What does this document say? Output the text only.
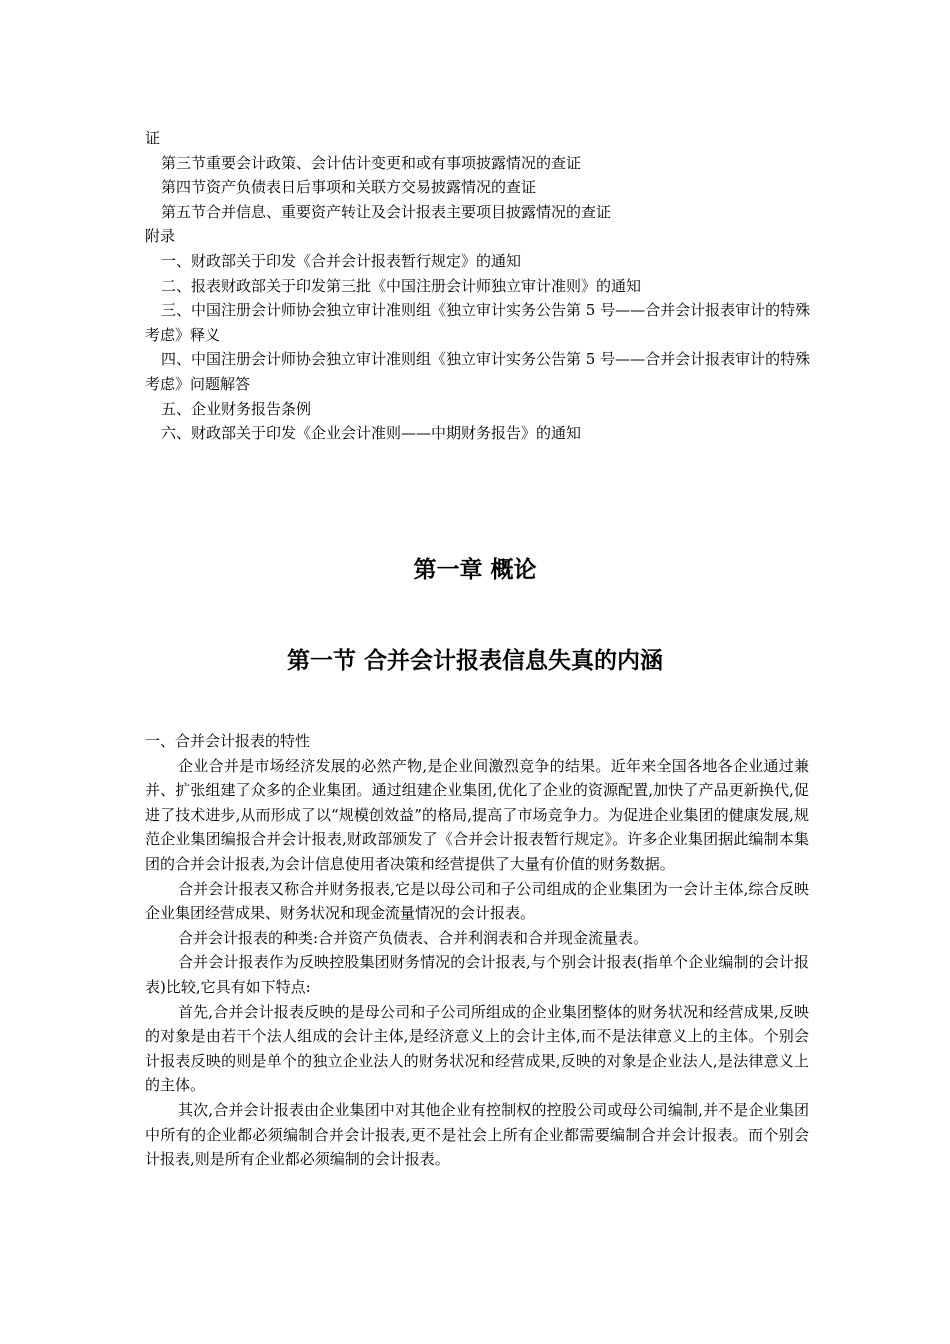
证
第三节重要会计政策、会计估计变更和或有事项披露情况的查证
第四节资产负债表日后事项和关联方交易披露情况的查证
第五节合并信息、重要资产转让及会计报表主要项目披露情况的查证
附录
一、财政部关于印发《合并会计报表暂行规定》的通知
二、报表财政部关于印发第三批《中国注册会计师独立审计准则》的通知
三、中国注册会计师协会独立审计准则组《独立审计实务公告第 5 号——合并会计报表审计的特殊考虑》释义
四、中国注册会计师协会独立审计准则组《独立审计实务公告第 5 号——合并会计报表审计的特殊考虑》问题解答
五、企业财务报告条例
六、财政部关于印发《企业会计准则——中期财务报告》的通知
第一章 概论
第一节 合并会计报表信息失真的内涵
一、合并会计报表的特性

企业合并是市场经济发展的必然产物,是企业间激烈竞争的结果。近年来全国各地各企业通过兼并、扩张组建了众多的企业集团。通过组建企业集团,优化了企业的资源配置,加快了产品更新换代,促进了技术进步,从而形成了以“规模创效益”的格局,提高了市场竞争力。为促进企业集团的健康发展,规范企业集团编报合并会计报表,财政部颁发了《合并会计报表暂行规定》。许多企业集团据此编制本集团的合并会计报表,为会计信息使用者决策和经营提供了大量有价值的财务数据。

合并会计报表又称合并财务报表,它是以母公司和子公司组成的企业集团为一会计主体,综合反映企业集团经营成果、财务状况和现金流量情况的会计报表。

合并会计报表的种类:合并资产负债表、合并利润表和合并现金流量表。

合并会计报表作为反映控股集团财务情况的会计报表,与个别会计报表(指单个企业编制的会计报表)比较,它具有如下特点:

首先,合并会计报表反映的是母公司和子公司所组成的企业集团整体的财务状况和经营成果,反映的对象是由若干个法人组成的会计主体,是经济意义上的会计主体,而不是法律意义上的主体。个别会计报表反映的则是单个的独立企业法人的财务状况和经营成果,反映的对象是企业法人,是法律意义上的主体。

其次,合并会计报表由企业集团中对其他企业有控制权的控股公司或母公司编制,并不是企业集团中所有的企业都必须编制合并会计报表,更不是社会上所有企业都需要编制合并会计报表。而个别会计报表,则是所有企业都必须编制的会计报表。
